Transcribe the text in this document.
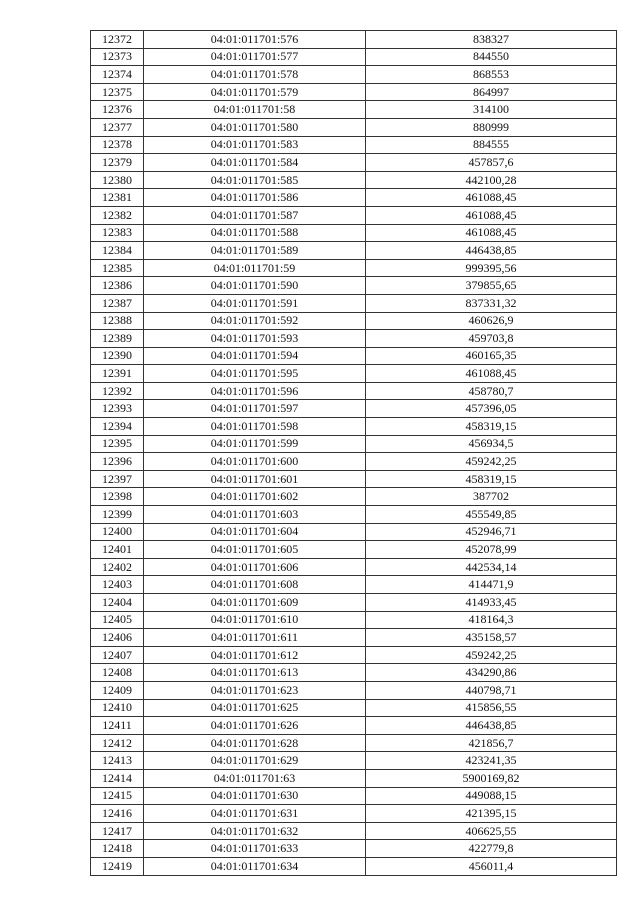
12372	04:01:011701:576	838327
12373	04:01:011701:577	844550
12374	04:01:011701:578	868553
12375	04:01:011701:579	864997
12376	04:01:011701:58	314100
12377	04:01:011701:580	880999
12378	04:01:011701:583	884555
12379	04:01:011701:584	457857,6
12380	04:01:011701:585	442100,28
12381	04:01:011701:586	461088,45
12382	04:01:011701:587	461088,45
12383	04:01:011701:588	461088,45
12384	04:01:011701:589	446438,85
12385	04:01:011701:59	999395,56
12386	04:01:011701:590	379855,65
12387	04:01:011701:591	837331,32
12388	04:01:011701:592	460626,9
12389	04:01:011701:593	459703,8
12390	04:01:011701:594	460165,35
12391	04:01:011701:595	461088,45
12392	04:01:011701:596	458780,7
12393	04:01:011701:597	457396,05
12394	04:01:011701:598	458319,15
12395	04:01:011701:599	456934,5
12396	04:01:011701:600	459242,25
12397	04:01:011701:601	458319,15
12398	04:01:011701:602	387702
12399	04:01:011701:603	455549,85
12400	04:01:011701:604	452946,71
12401	04:01:011701:605	452078,99
12402	04:01:011701:606	442534,14
12403	04:01:011701:608	414471,9
12404	04:01:011701:609	414933,45
12405	04:01:011701:610	418164,3
12406	04:01:011701:611	435158,57
12407	04:01:011701:612	459242,25
12408	04:01:011701:613	434290,86
12409	04:01:011701:623	440798,71
12410	04:01:011701:625	415856,55
12411	04:01:011701:626	446438,85
12412	04:01:011701:628	421856,7
12413	04:01:011701:629	423241,35
12414	04:01:011701:63	5900169,82
12415	04:01:011701:630	449088,15
12416	04:01:011701:631	421395,15
12417	04:01:011701:632	406625,55
12418	04:01:011701:633	422779,8
12419	04:01:011701:634	456011,4
